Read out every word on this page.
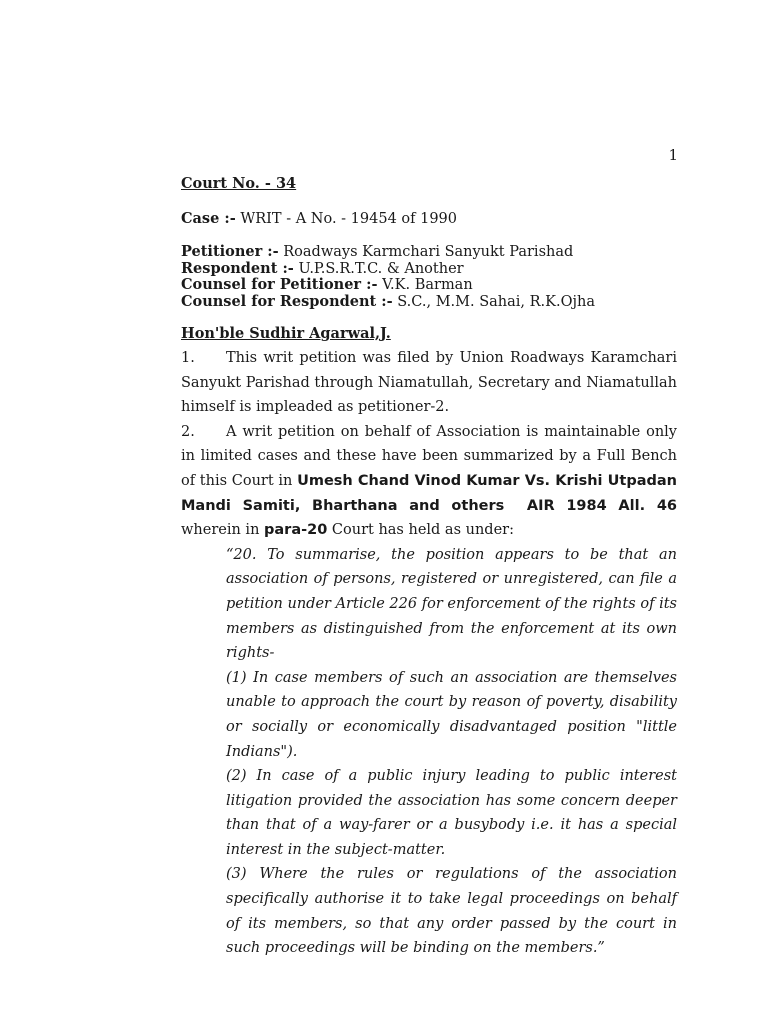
1
Court No. - 34
Case :- WRIT - A No. - 19454 of 1990
Petitioner :- Roadways Karmchari Sanyukt Parishad
Respondent :- U.P.S.R.T.C. & Another
Counsel for Petitioner :- V.K. Barman
Counsel for Respondent :- S.C., M.M. Sahai, R.K.Ojha
Hon'ble Sudhir Agarwal,J.

1. This writ petition was filed by Union Roadways Karamchari Sanyukt Parishad through Niamatullah, Secretary and Niamatullah himself is impleaded as petitioner-2.

2. A writ petition on behalf of Association is maintainable only in limited cases and these have been summarized by a Full Bench of this Court in Umesh Chand Vinod Kumar Vs. Krishi Utpadan Mandi Samiti, Bharthana and others AIR 1984 All. 46 wherein in para-20 Court has held as under:

“20. To summarise, the position appears to be that an association of persons, registered or unregistered, can file a petition under Article 226 for enforcement of the rights of its members as distinguished from the enforcement at its own rights-

(1) In case members of such an association are themselves unable to approach the court by reason of poverty, disability or socially or economically disadvantaged position "little Indians").

(2) In case of a public injury leading to public interest litigation provided the association has some concern deeper than that of a way-farer or a busybody i.e. it has a special interest in the subject-matter.

(3) Where the rules or regulations of the association specifically authorise it to take legal proceedings on behalf of its members, so that any order passed by the court in such proceedings will be binding on the members.”
